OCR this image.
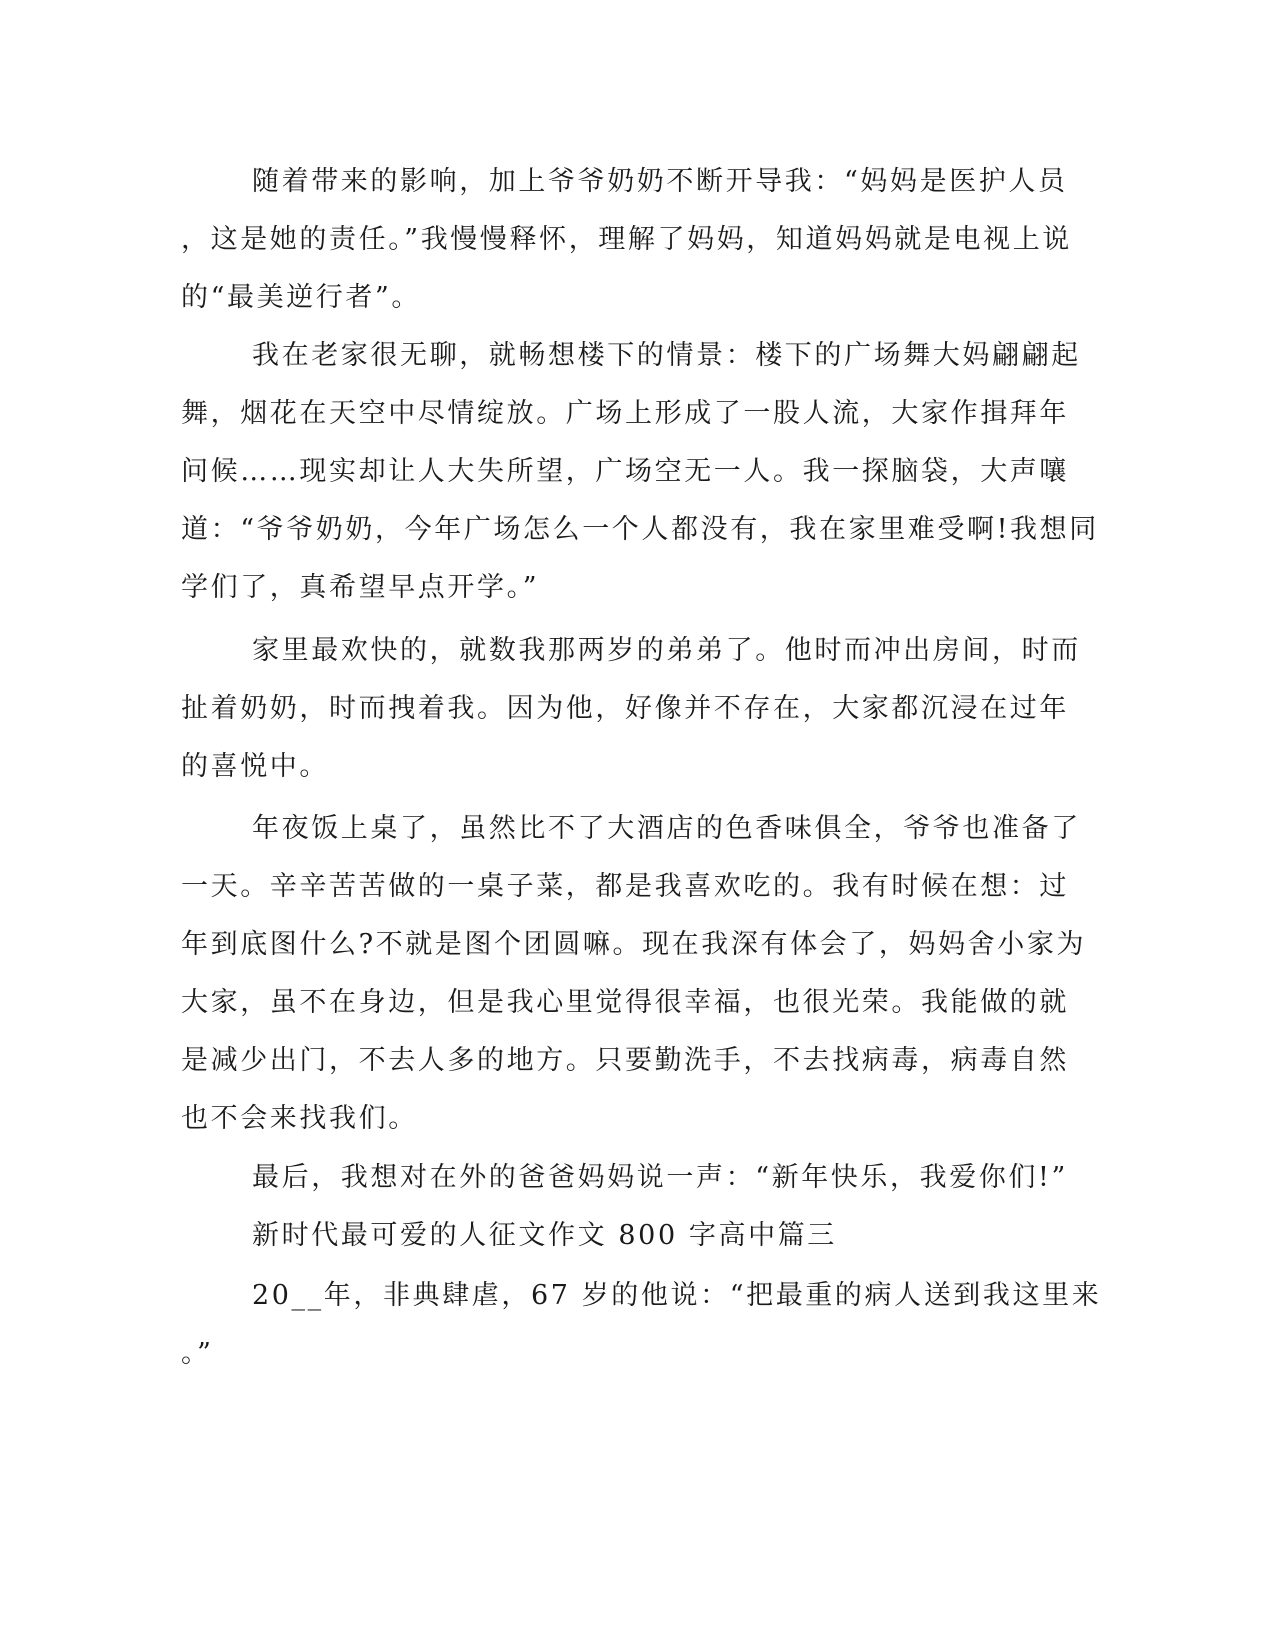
随着带来的影响，加上爷爷奶奶不断开导我：“妈妈是医护人员
，这是她的责任。”我慢慢释怀，理解了妈妈，知道妈妈就是电视上说
的“最美逆行者”。
我在老家很无聊，就畅想楼下的情景：楼下的广场舞大妈翩翩起
舞，烟花在天空中尽情绽放。广场上形成了一股人流，大家作揖拜年
问候……现实却让人大失所望，广场空无一人。我一探脑袋，大声嚷
道：“爷爷奶奶，今年广场怎么一个人都没有，我在家里难受啊!我想同
学们了，真希望早点开学。”
家里最欢快的，就数我那两岁的弟弟了。他时而冲出房间，时而
扯着奶奶，时而拽着我。因为他，好像并不存在，大家都沉浸在过年
的喜悦中。
年夜饭上桌了，虽然比不了大酒店的色香味俱全，爷爷也准备了
一天。辛辛苦苦做的一桌子菜，都是我喜欢吃的。我有时候在想：过
年到底图什么?不就是图个团圆嘛。现在我深有体会了，妈妈舍小家为
大家，虽不在身边，但是我心里觉得很幸福，也很光荣。我能做的就
是减少出门，不去人多的地方。只要勤洗手，不去找病毒，病毒自然
也不会来找我们。
最后，我想对在外的爸爸妈妈说一声：“新年快乐，我爱你们!”
新时代最可爱的人征文作文 800 字高中篇三
20__年，非典肆虐，67 岁的他说：“把最重的病人送到我这里来
。”
